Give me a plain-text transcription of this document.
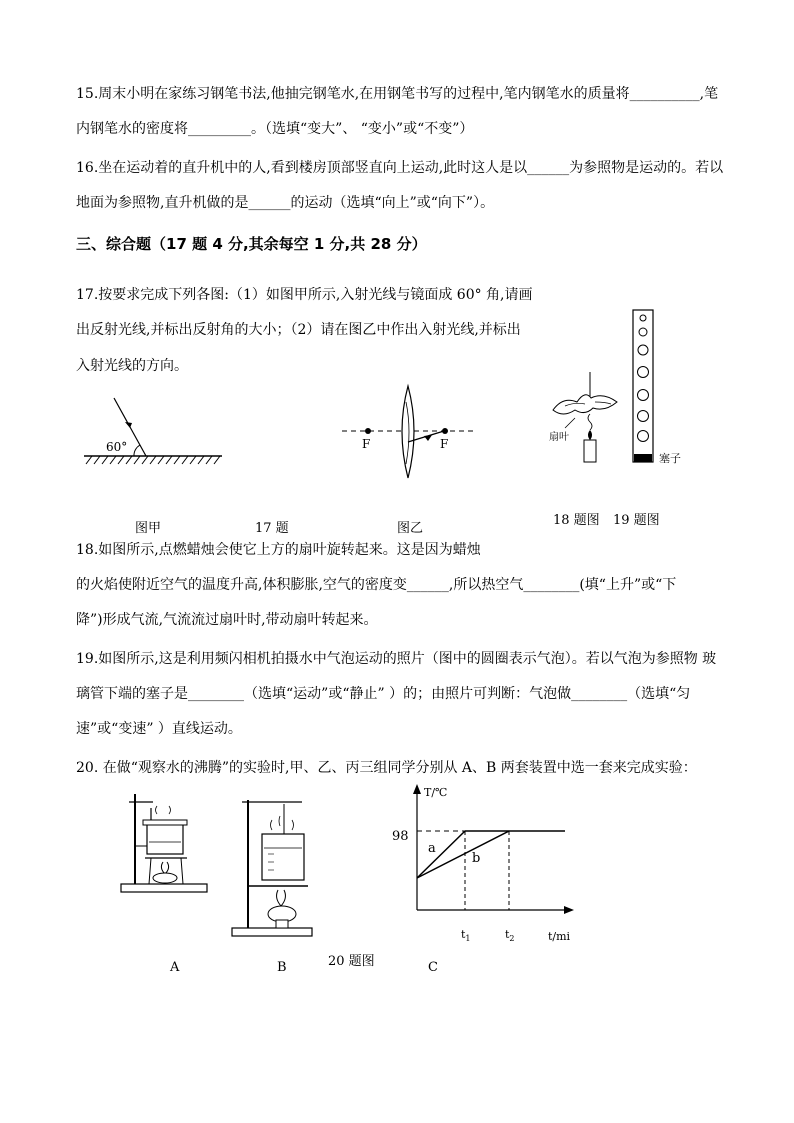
15.周末小明在家练习钢笔书法,他抽完钢笔水,在用钢笔书写的过程中,笔内钢笔水的质量将__________,笔
内钢笔水的密度将_________。（选填“变大”、 “变小”或“不变”）
16.坐在运动着的直升机中的人,看到楼房顶部竖直向上运动,此时这人是以______为参照物是运动的。若以
地面为参照物,直升机做的是______的运动（选填“向上”或“向下”）。
三、综合题（17 题 4 分,其余每空 1 分,共 28 分）
17.按要求完成下列各图:（1）如图甲所示,入射光线与镜面成 60° 角,请画
出反射光线,并标出反射角的大小；（2）请在图乙中作出入射光线,并标出
入射光线的方向。
60°	F	F	扇叶
塞子
图甲	17 题	图乙
18 题图 19 题图
18.如图所示,点燃蜡烛会使它上方的扇叶旋转起来。这是因为蜡烛
的火焰使附近空气的温度升高,体积膨胀,空气的密度变______,所以热空气________(填“上升”或“下
降”)形成气流,气流流过扇叶时,带动扇叶转起来。
19.如图所示,这是利用频闪相机拍摄水中气泡运动的照片（图中的圆圈表示气泡）。若以气泡为参照物 玻
璃管下端的塞子是________（选填“运动”或“静止” ）的；由照片可判断：气泡做________（选填“匀
速”或“变速” ）直线运动。
20. 在做“观察水的沸腾”的实验时,甲、乙、丙三组同学分别从 A、B 两套装置中选一套来完成实验：
T/℃
t/mi
98
a
b
$t_1$	$t_2$
20 题图
A	B	C
